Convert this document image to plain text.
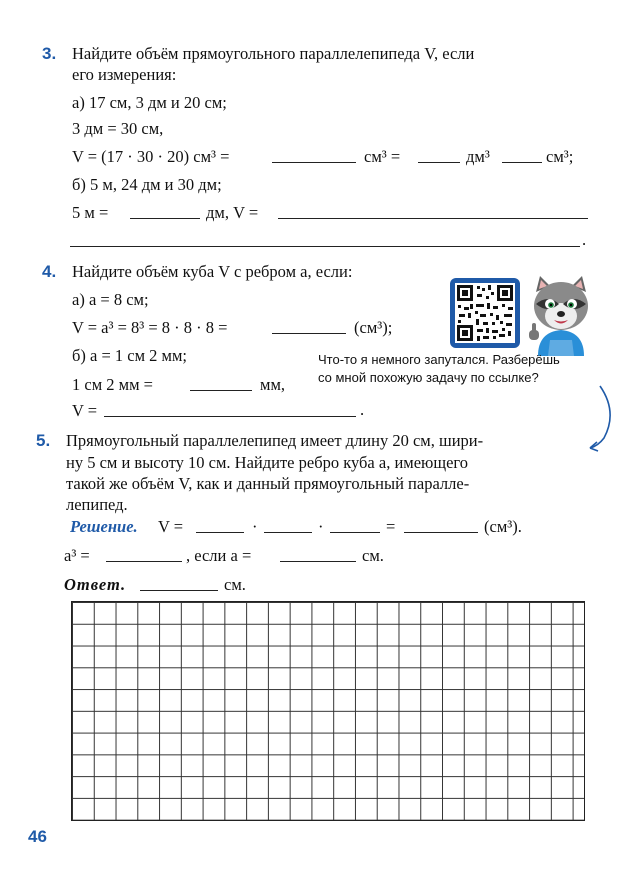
3. Найдите объём прямоугольного параллелепипеда V, если
его измерения:
а) 17 см, 3 дм и 20 см;
3 дм = 30 см,
V = (17 · 30 · 20) см³ =	см³ =	дм³	см³;
б) 5 м, 24 дм и 30 дм;
5 м =	дм, V =
.
4. Найдите объём куба V с ребром a, если:
а) a = 8 см;
V = a³ = 8³ = 8 · 8 · 8 =	(см³);
б) a = 1 см 2 мм;
1 см 2 мм =	мм,
V =	.
Что-то я немного запутался. Разберёшь
со мной похожую задачу по ссылке?
5. Прямоугольный параллелепипед имеет длину 20 см, шири-
ну 5 см и высоту 10 см. Найдите ребро куба a, имеющего
такой же объём V, как и данный прямоугольный паралле-
лепипед.
Решение. V =	·	·	=	(см³).
a³ =	, если a =	см.
Ответ.	см.
46
